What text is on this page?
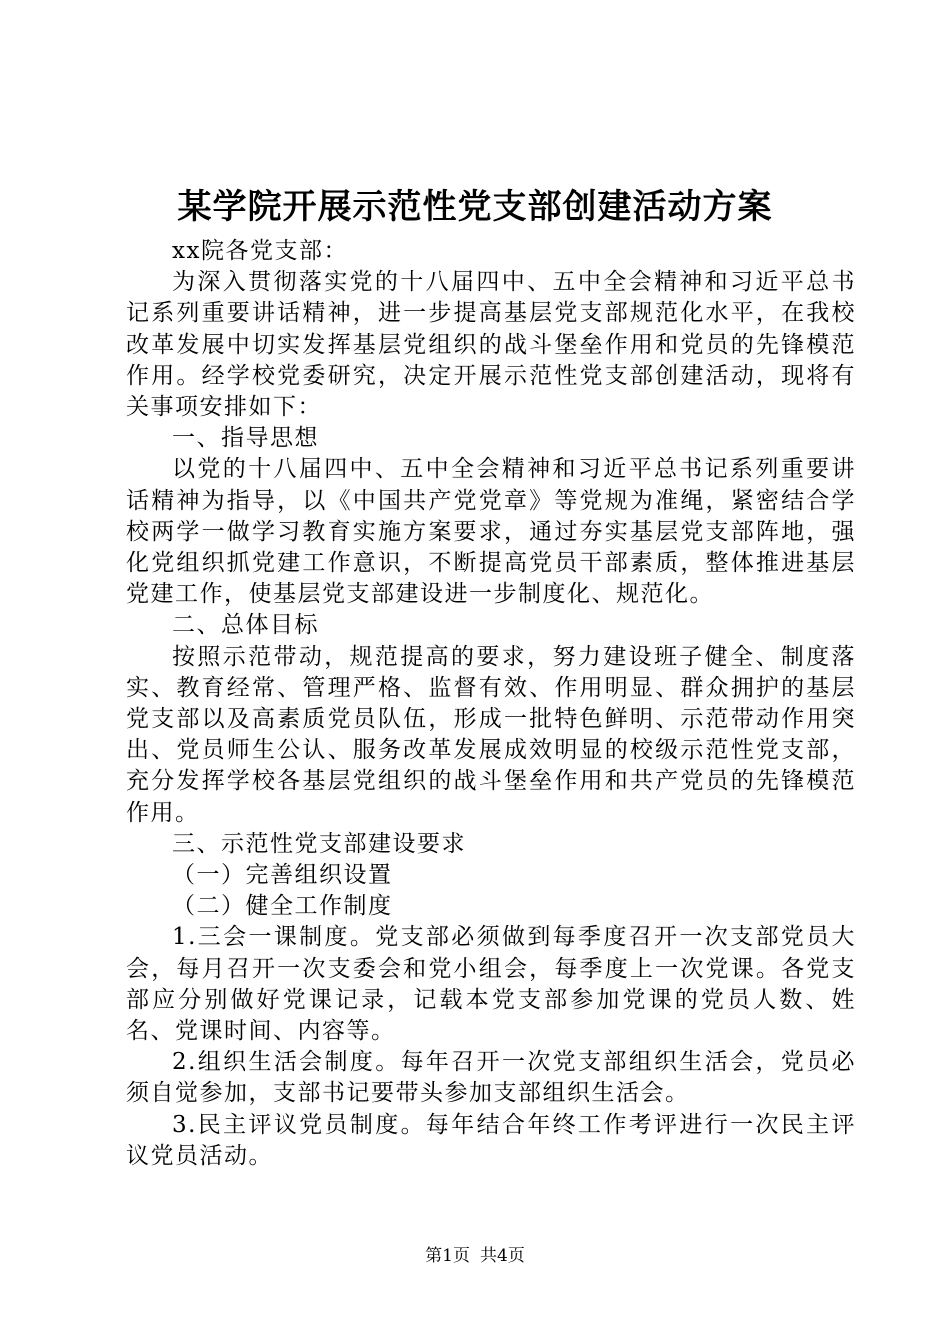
某学院开展示范性党支部创建活动方案

xx院各党支部：

为深入贯彻落实党的十八届四中、五中全会精神和习近平总书记系列重要讲话精神，进一步提高基层党支部规范化水平，在我校改革发展中切实发挥基层党组织的战斗堡垒作用和党员的先锋模范作用。经学校党委研究，决定开展示范性党支部创建活动，现将有关事项安排如下：

一、指导思想

以党的十八届四中、五中全会精神和习近平总书记系列重要讲话精神为指导，以《中国共产党党章》等党规为准绳，紧密结合学校两学一做学习教育实施方案要求，通过夯实基层党支部阵地，强化党组织抓党建工作意识，不断提高党员干部素质，整体推进基层党建工作，使基层党支部建设进一步制度化、规范化。

二、总体目标

按照示范带动，规范提高的要求，努力建设班子健全、制度落实、教育经常、管理严格、监督有效、作用明显、群众拥护的基层党支部以及高素质党员队伍，形成一批特色鲜明、示范带动作用突出、党员师生公认、服务改革发展成效明显的校级示范性党支部，充分发挥学校各基层党组织的战斗堡垒作用和共产党员的先锋模范作用。

三、示范性党支部建设要求

（一）完善组织设置

（二）健全工作制度

1.三会一课制度。党支部必须做到每季度召开一次支部党员大会，每月召开一次支委会和党小组会，每季度上一次党课。各党支部应分别做好党课记录，记载本党支部参加党课的党员人数、姓名、党课时间、内容等。

2.组织生活会制度。每年召开一次党支部组织生活会，党员必须自觉参加，支部书记要带头参加支部组织生活会。

3.民主评议党员制度。每年结合年终工作考评进行一次民主评议党员活动。

第1页 共4页
